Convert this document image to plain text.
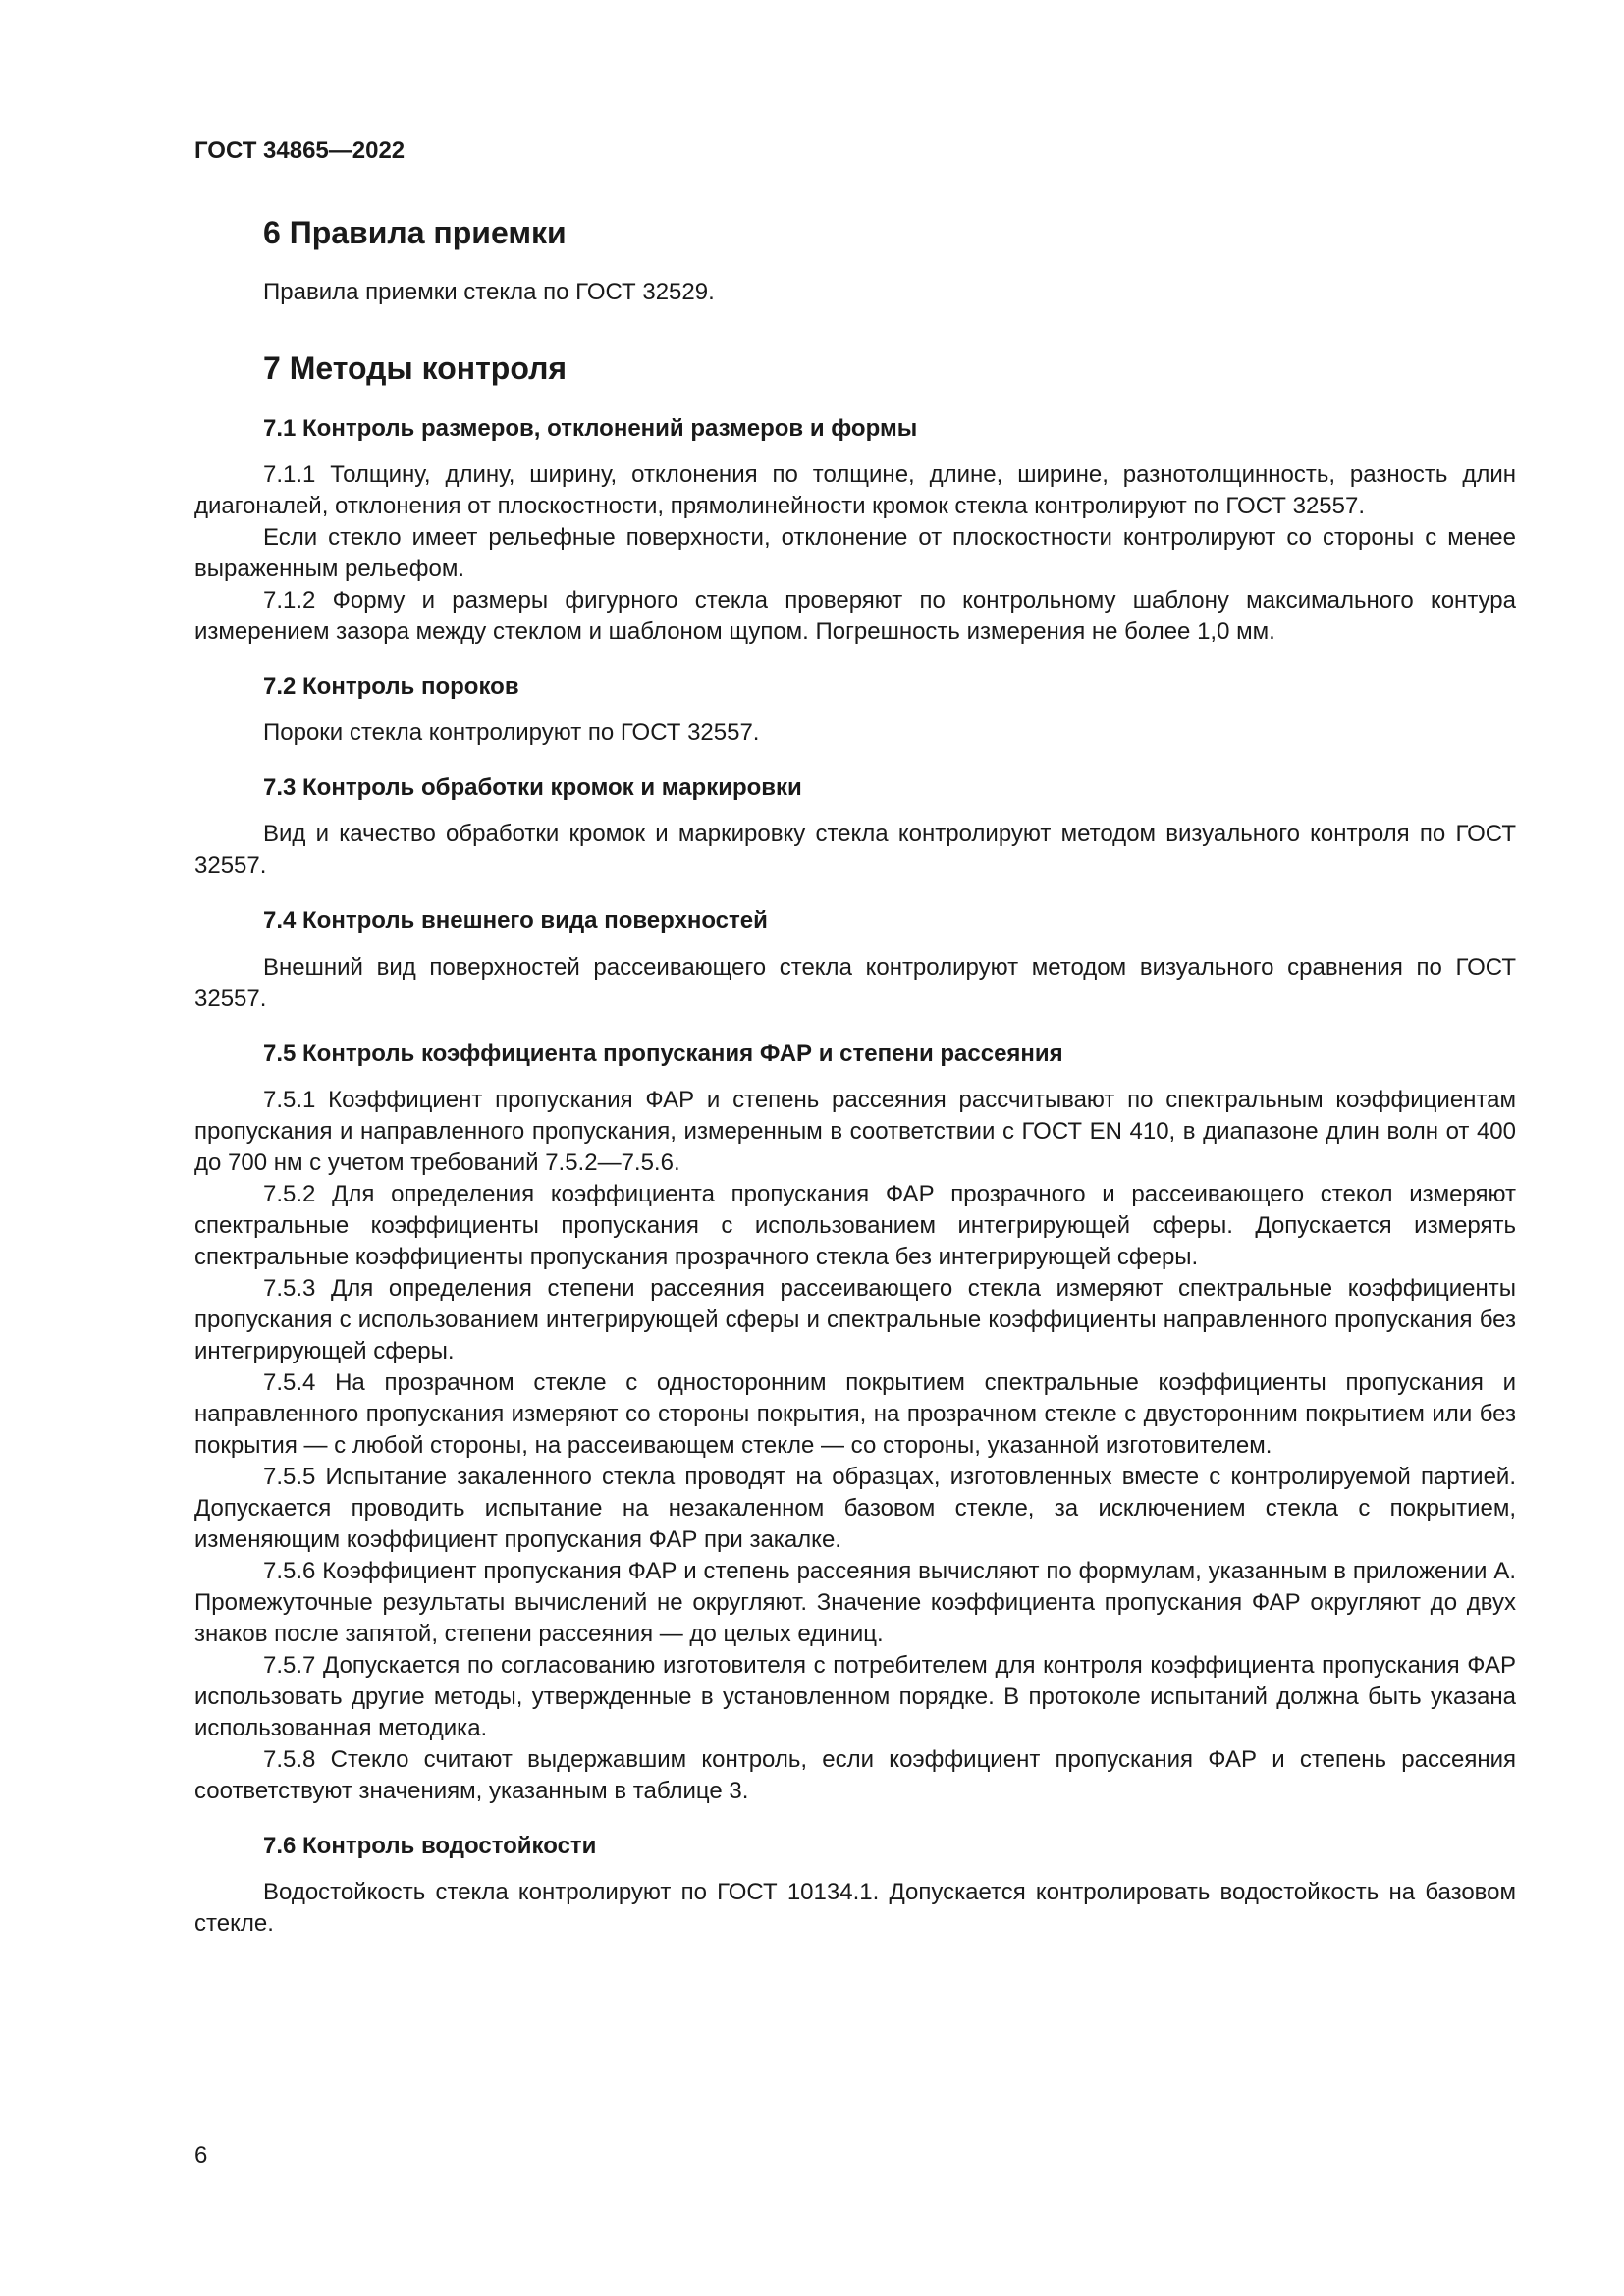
ГОСТ 34865—2022
6 Правила приемки

Правила приемки стекла по ГОСТ 32529.

7 Методы контроля
7.1 Контроль размеров, отклонений размеров и формы

7.1.1 Толщину, длину, ширину, отклонения по толщине, длине, ширине, разнотолщинность, разность длин диагоналей, отклонения от плоскостности, прямолинейности кромок стекла контролируют по ГОСТ 32557.

Если стекло имеет рельефные поверхности, отклонение от плоскостности контролируют со стороны с менее выраженным рельефом.

7.1.2 Форму и размеры фигурного стекла проверяют по контрольному шаблону максимального контура измерением зазора между стеклом и шаблоном щупом. Погрешность измерения не более 1,0 мм.

7.2 Контроль пороков

Пороки стекла контролируют по ГОСТ 32557.

7.3 Контроль обработки кромок и маркировки

Вид и качество обработки кромок и маркировку стекла контролируют методом визуального контроля по ГОСТ 32557.

7.4 Контроль внешнего вида поверхностей

Внешний вид поверхностей рассеивающего стекла контролируют методом визуального сравнения по ГОСТ 32557.

7.5 Контроль коэффициента пропускания ФАР и степени рассеяния

7.5.1 Коэффициент пропускания ФАР и степень рассеяния рассчитывают по спектральным коэффициентам пропускания и направленного пропускания, измеренным в соответствии с ГОСТ EN 410, в диапазоне длин волн от 400 до 700 нм с учетом требований 7.5.2—7.5.6.

7.5.2 Для определения коэффициента пропускания ФАР прозрачного и рассеивающего стекол измеряют спектральные коэффициенты пропускания с использованием интегрирующей сферы. Допускается измерять спектральные коэффициенты пропускания прозрачного стекла без интегрирующей сферы.

7.5.3 Для определения степени рассеяния рассеивающего стекла измеряют спектральные коэффициенты пропускания с использованием интегрирующей сферы и спектральные коэффициенты направленного пропускания без интегрирующей сферы.

7.5.4 На прозрачном стекле с односторонним покрытием спектральные коэффициенты пропускания и направленного пропускания измеряют со стороны покрытия, на прозрачном стекле с двусторонним покрытием или без покрытия — с любой стороны, на рассеивающем стекле — со стороны, указанной изготовителем.

7.5.5 Испытание закаленного стекла проводят на образцах, изготовленных вместе с контролируемой партией. Допускается проводить испытание на незакаленном базовом стекле, за исключением стекла с покрытием, изменяющим коэффициент пропускания ФАР при закалке.

7.5.6 Коэффициент пропускания ФАР и степень рассеяния вычисляют по формулам, указанным в приложении А. Промежуточные результаты вычислений не округляют. Значение коэффициента пропускания ФАР округляют до двух знаков после запятой, степени рассеяния — до целых единиц.

7.5.7 Допускается по согласованию изготовителя с потребителем для контроля коэффициента пропускания ФАР использовать другие методы, утвержденные в установленном порядке. В протоколе испытаний должна быть указана использованная методика.

7.5.8 Стекло считают выдержавшим контроль, если коэффициент пропускания ФАР и степень рассеяния соответствуют значениям, указанным в таблице 3.

7.6 Контроль водостойкости

Водостойкость стекла контролируют по ГОСТ 10134.1. Допускается контролировать водостойкость на базовом стекле.

6
